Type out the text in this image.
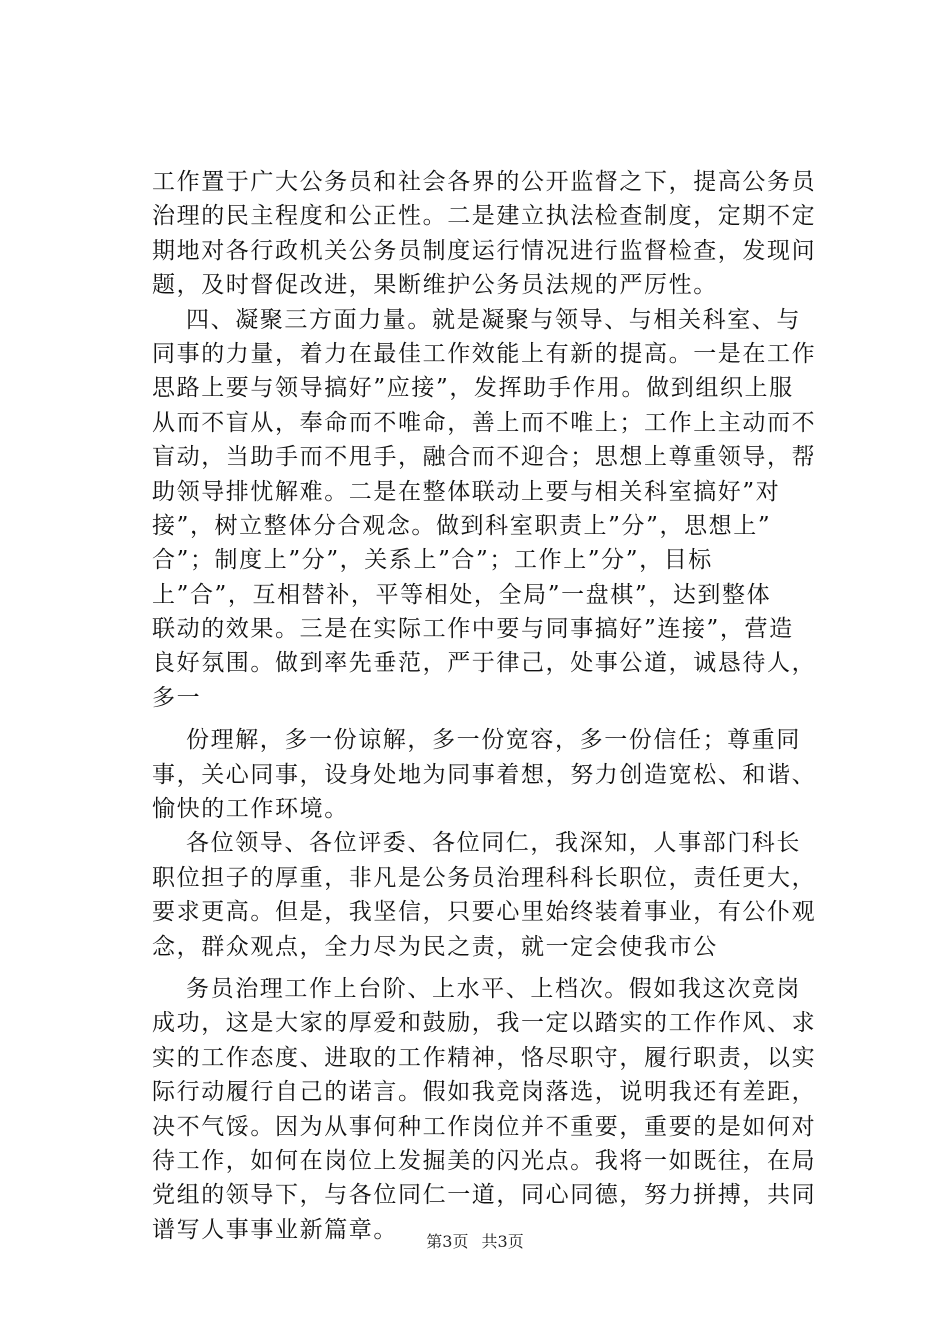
工作置于广大公务员和社会各界的公开监督之下，提高公务员
治理的民主程度和公正性。二是建立执法检查制度，定期不定
期地对各行政机关公务员制度运行情况进行监督检查，发现问
题，及时督促改进，果断维护公务员法规的严厉性。
四、凝聚三方面力量。就是凝聚与领导、与相关科室、与
同事的力量，着力在最佳工作效能上有新的提高。一是在工作
思路上要与领导搞好”应接”，发挥助手作用。做到组织上服
从而不盲从，奉命而不唯命，善上而不唯上；工作上主动而不
盲动，当助手而不甩手，融合而不迎合；思想上尊重领导，帮
助领导排忧解难。二是在整体联动上要与相关科室搞好”对
接”，树立整体分合观念。做到科室职责上”分”，思想上”
合”；制度上”分”，关系上”合”；工作上”分”，目标
上”合”，互相替补，平等相处，全局”一盘棋”，达到整体
联动的效果。三是在实际工作中要与同事搞好”连接”，营造
良好氛围。做到率先垂范，严于律己，处事公道，诚恳待人，
多一
份理解，多一份谅解，多一份宽容，多一份信任；尊重同
事，关心同事，设身处地为同事着想，努力创造宽松、和谐、
愉快的工作环境。
各位领导、各位评委、各位同仁，我深知，人事部门科长
职位担子的厚重，非凡是公务员治理科科长职位，责任更大，
要求更高。但是，我坚信，只要心里始终装着事业，有公仆观
念，群众观点，全力尽为民之责，就一定会使我市公
务员治理工作上台阶、上水平、上档次。假如我这次竞岗
成功，这是大家的厚爱和鼓励，我一定以踏实的工作作风、求
实的工作态度、进取的工作精神，恪尽职守，履行职责，以实
际行动履行自己的诺言。假如我竞岗落选，说明我还有差距，
决不气馁。因为从事何种工作岗位并不重要，重要的是如何对
待工作，如何在岗位上发掘美的闪光点。我将一如既往，在局
党组的领导下，与各位同仁一道，同心同德，努力拼搏，共同
谱写人事事业新篇章。	第3页 共3页
